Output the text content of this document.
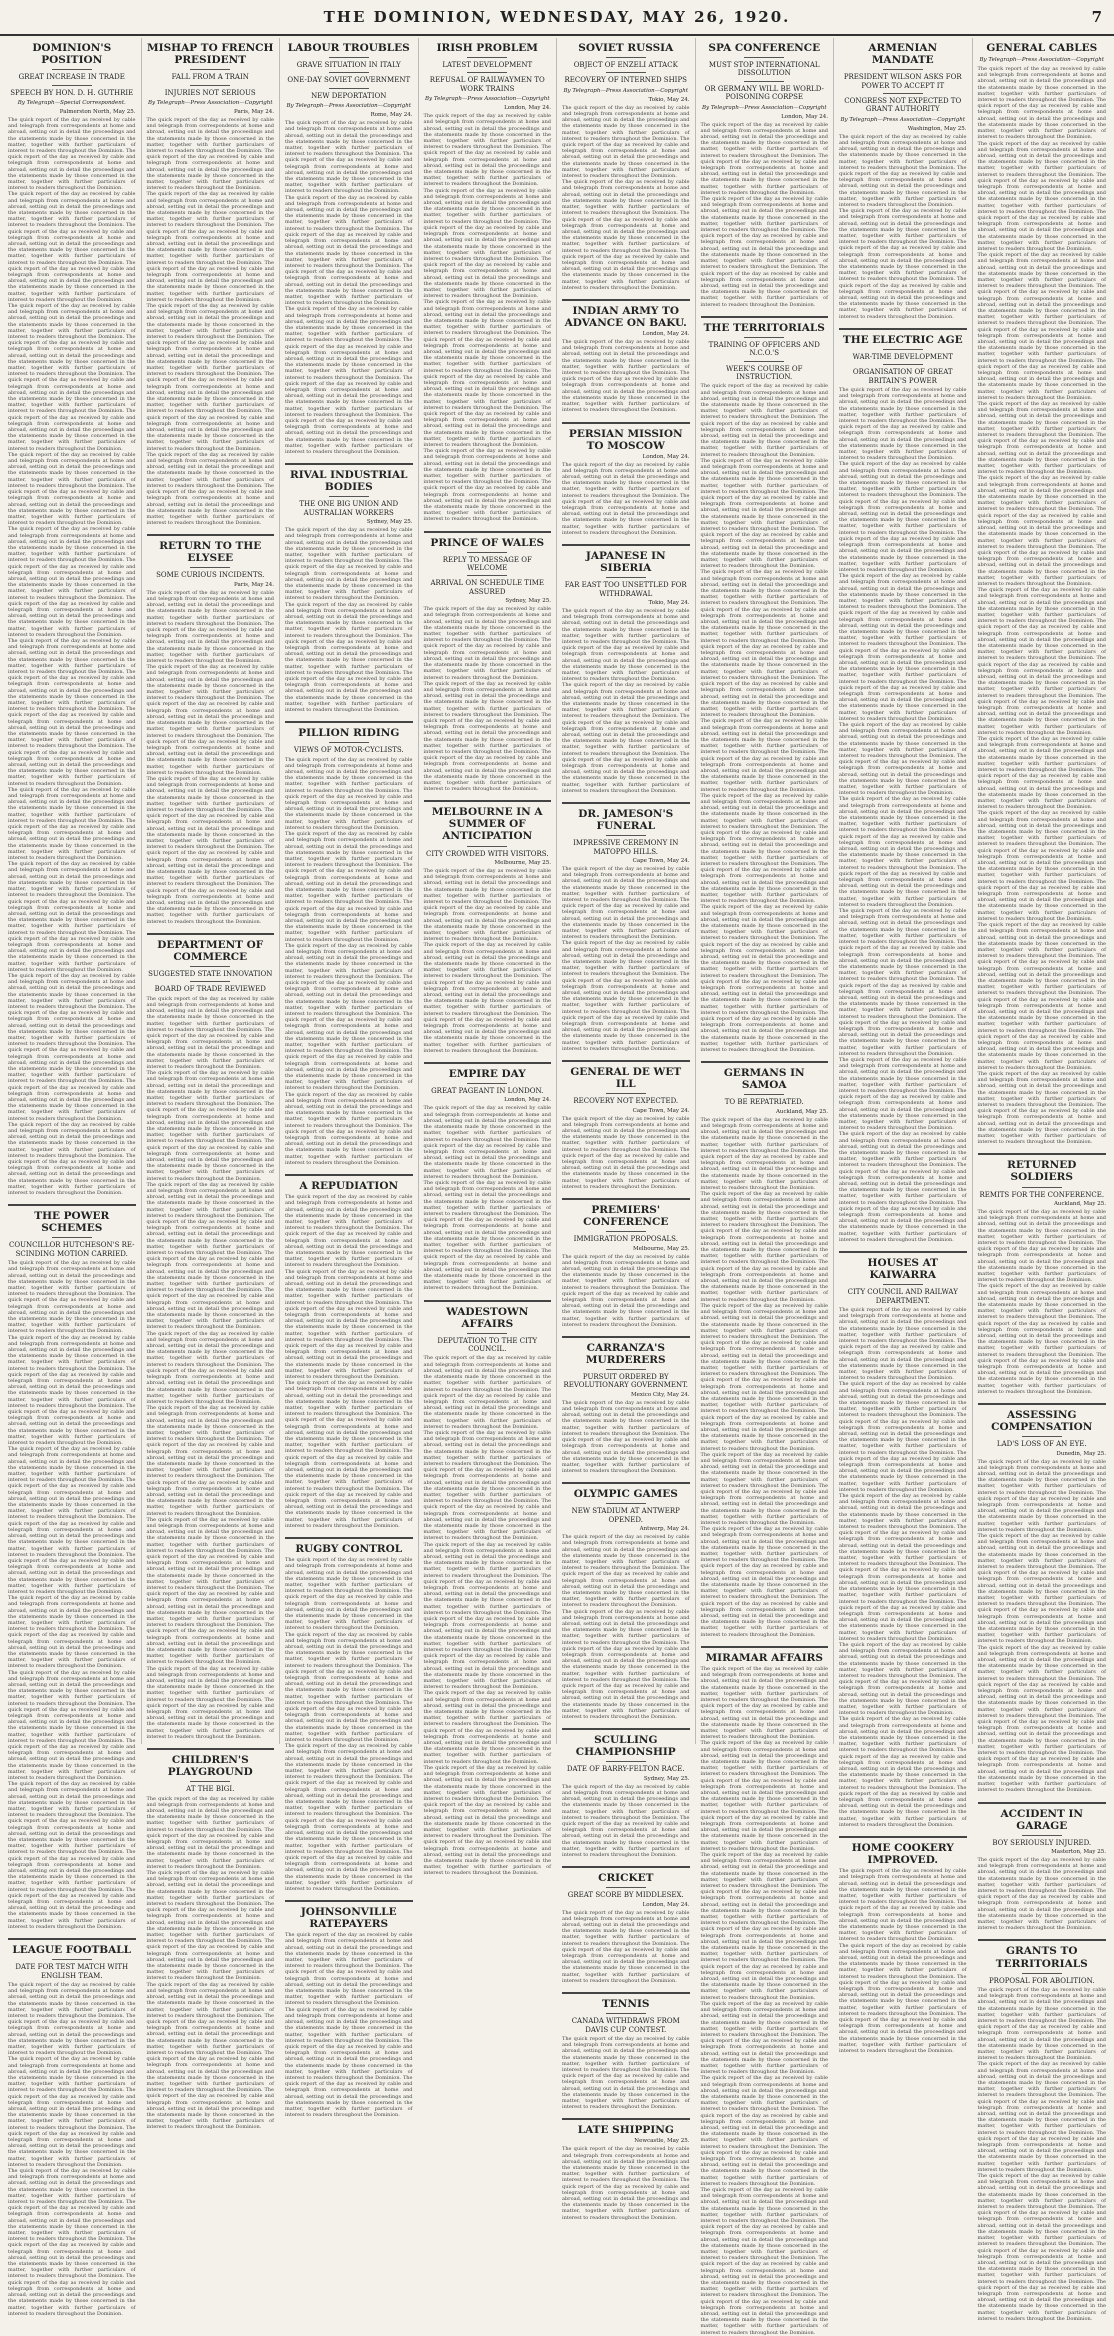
THE DOMINION, WEDNESDAY, MAY 26, 1920.	7
DOMINION'S POSITION
GREAT INCREASE IN TRADE
SPEECH BY HON. D. H. GUTHRIE
By Telegraph—Special Correspondent.
Palmerston North, May 25.

The quick report of the day as received by cable and telegraph from correspondents at home and abroad, setting out in detail the proceedings and the statements made by those concerned in the matter, together with further particulars of interest to readers throughout the Dominion. The quick report of the day as received by cable and telegraph from correspondents at home and abroad, setting out in detail the proceedings and the statements made by those concerned in the matter, together with further particulars of interest to readers throughout the Dominion.

The quick report of the day as received by cable and telegraph from correspondents at home and abroad, setting out in detail the proceedings and the statements made by those concerned in the matter, together with further particulars of interest to readers throughout the Dominion. The quick report of the day as received by cable and telegraph from correspondents at home and abroad, setting out in detail the proceedings and the statements made by those concerned in the matter, together with further particulars of interest to readers throughout the Dominion. The quick report of the day as received by cable and telegraph from correspondents at home and abroad, setting out in detail the proceedings and the statements made by those concerned in the matter, together with further particulars of interest to readers throughout the Dominion.

The quick report of the day as received by cable and telegraph from correspondents at home and abroad, setting out in detail the proceedings and the statements made by those concerned in the matter, together with further particulars of interest to readers throughout the Dominion. The quick report of the day as received by cable and telegraph from correspondents at home and abroad, setting out in detail the proceedings and the statements made by those concerned in the matter, together with further particulars of interest to readers throughout the Dominion. The quick report of the day as received by cable and telegraph from correspondents at home and abroad, setting out in detail the proceedings and the statements made by those concerned in the matter, together with further particulars of interest to readers throughout the Dominion. The quick report of the day as received by cable and telegraph from correspondents at home and abroad, setting out in detail the proceedings and the statements made by those concerned in the matter, together with further particulars of interest to readers throughout the Dominion.

The quick report of the day as received by cable and telegraph from correspondents at home and abroad, setting out in detail the proceedings and the statements made by those concerned in the matter, together with further particulars of interest to readers throughout the Dominion. The quick report of the day as received by cable and telegraph from correspondents at home and abroad, setting out in detail the proceedings and the statements made by those concerned in the matter, together with further particulars of interest to readers throughout the Dominion.

The quick report of the day as received by cable and telegraph from correspondents at home and abroad, setting out in detail the proceedings and the statements made by those concerned in the matter, together with further particulars of interest to readers throughout the Dominion. The quick report of the day as received by cable and telegraph from correspondents at home and abroad, setting out in detail the proceedings and the statements made by those concerned in the matter, together with further particulars of interest to readers throughout the Dominion. The quick report of the day as received by cable and telegraph from correspondents at home and abroad, setting out in detail the proceedings and the statements made by those concerned in the matter, together with further particulars of interest to readers throughout the Dominion.

The quick report of the day as received by cable and telegraph from correspondents at home and abroad, setting out in detail the proceedings and the statements made by those concerned in the matter, together with further particulars of interest to readers throughout the Dominion. The quick report of the day as received by cable and telegraph from correspondents at home and abroad, setting out in detail the proceedings and the statements made by those concerned in the matter, together with further particulars of interest to readers throughout the Dominion. The quick report of the day as received by cable and telegraph from correspondents at home and abroad, setting out in detail the proceedings and the statements made by those concerned in the matter, together with further particulars of interest to readers throughout the Dominion. The quick report of the day as received by cable and telegraph from correspondents at home and abroad, setting out in detail the proceedings and the statements made by those concerned in the matter, together with further particulars of interest to readers throughout the Dominion.

The quick report of the day as received by cable and telegraph from correspondents at home and abroad, setting out in detail the proceedings and the statements made by those concerned in the matter, together with further particulars of interest to readers throughout the Dominion. The quick report of the day as received by cable and telegraph from correspondents at home and abroad, setting out in detail the proceedings and the statements made by those concerned in the matter, together with further particulars of interest to readers throughout the Dominion.

The quick report of the day as received by cable and telegraph from correspondents at home and abroad, setting out in detail the proceedings and the statements made by those concerned in the matter, together with further particulars of interest to readers throughout the Dominion. The quick report of the day as received by cable and telegraph from correspondents at home and abroad, setting out in detail the proceedings and the statements made by those concerned in the matter, together with further particulars of interest to readers throughout the Dominion. The quick report of the day as received by cable and telegraph from correspondents at home and abroad, setting out in detail the proceedings and the statements made by those concerned in the matter, together with further particulars of interest to readers throughout the Dominion.

The quick report of the day as received by cable and telegraph from correspondents at home and abroad, setting out in detail the proceedings and the statements made by those concerned in the matter, together with further particulars of interest to readers throughout the Dominion. The quick report of the day as received by cable and telegraph from correspondents at home and abroad, setting out in detail the proceedings and the statements made by those concerned in the matter, together with further particulars of interest to readers throughout the Dominion. The quick report of the day as received by cable and telegraph from correspondents at home and abroad, setting out in detail the proceedings and the statements made by those concerned in the matter, together with further particulars of interest to readers throughout the Dominion. The quick report of the day as received by cable and telegraph from correspondents at home and abroad, setting out in detail the proceedings and the statements made by those concerned in the matter, together with further particulars of interest to readers throughout the Dominion.

The quick report of the day as received by cable and telegraph from correspondents at home and abroad, setting out in detail the proceedings and the statements made by those concerned in the matter, together with further particulars of interest to readers throughout the Dominion. The quick report of the day as received by cable and telegraph from correspondents at home and abroad, setting out in detail the proceedings and the statements made by those concerned in the matter, together with further particulars of interest to readers throughout the Dominion.

THE POWER SCHEMES
COUNCILLOR HUTCHESON'S RE-SCINDING MOTION CARRIED.

The quick report of the day as received by cable and telegraph from correspondents at home and abroad, setting out in detail the proceedings and the statements made by those concerned in the matter, together with further particulars of interest to readers throughout the Dominion. The quick report of the day as received by cable and telegraph from correspondents at home and abroad, setting out in detail the proceedings and the statements made by those concerned in the matter, together with further particulars of interest to readers throughout the Dominion.

The quick report of the day as received by cable and telegraph from correspondents at home and abroad, setting out in detail the proceedings and the statements made by those concerned in the matter, together with further particulars of interest to readers throughout the Dominion. The quick report of the day as received by cable and telegraph from correspondents at home and abroad, setting out in detail the proceedings and the statements made by those concerned in the matter, together with further particulars of interest to readers throughout the Dominion. The quick report of the day as received by cable and telegraph from correspondents at home and abroad, setting out in detail the proceedings and the statements made by those concerned in the matter, together with further particulars of interest to readers throughout the Dominion.

The quick report of the day as received by cable and telegraph from correspondents at home and abroad, setting out in detail the proceedings and the statements made by those concerned in the matter, together with further particulars of interest to readers throughout the Dominion. The quick report of the day as received by cable and telegraph from correspondents at home and abroad, setting out in detail the proceedings and the statements made by those concerned in the matter, together with further particulars of interest to readers throughout the Dominion. The quick report of the day as received by cable and telegraph from correspondents at home and abroad, setting out in detail the proceedings and the statements made by those concerned in the matter, together with further particulars of interest to readers throughout the Dominion. The quick report of the day as received by cable and telegraph from correspondents at home and abroad, setting out in detail the proceedings and the statements made by those concerned in the matter, together with further particulars of interest to readers throughout the Dominion.

The quick report of the day as received by cable and telegraph from correspondents at home and abroad, setting out in detail the proceedings and the statements made by those concerned in the matter, together with further particulars of interest to readers throughout the Dominion. The quick report of the day as received by cable and telegraph from correspondents at home and abroad, setting out in detail the proceedings and the statements made by those concerned in the matter, together with further particulars of interest to readers throughout the Dominion.

The quick report of the day as received by cable and telegraph from correspondents at home and abroad, setting out in detail the proceedings and the statements made by those concerned in the matter, together with further particulars of interest to readers throughout the Dominion. The quick report of the day as received by cable and telegraph from correspondents at home and abroad, setting out in detail the proceedings and the statements made by those concerned in the matter, together with further particulars of interest to readers throughout the Dominion. The quick report of the day as received by cable and telegraph from correspondents at home and abroad, setting out in detail the proceedings and the statements made by those concerned in the matter, together with further particulars of interest to readers throughout the Dominion.

The quick report of the day as received by cable and telegraph from correspondents at home and abroad, setting out in detail the proceedings and the statements made by those concerned in the matter, together with further particulars of interest to readers throughout the Dominion. The quick report of the day as received by cable and telegraph from correspondents at home and abroad, setting out in detail the proceedings and the statements made by those concerned in the matter, together with further particulars of interest to readers throughout the Dominion. The quick report of the day as received by cable and telegraph from correspondents at home and abroad, setting out in detail the proceedings and the statements made by those concerned in the matter, together with further particulars of interest to readers throughout the Dominion. The quick report of the day as received by cable and telegraph from correspondents at home and abroad, setting out in detail the proceedings and the statements made by those concerned in the matter, together with further particulars of interest to readers throughout the Dominion.

LEAGUE FOOTBALL
DATE FOR TEST MATCH WITH ENGLISH TEAM.

The quick report of the day as received by cable and telegraph from correspondents at home and abroad, setting out in detail the proceedings and the statements made by those concerned in the matter, together with further particulars of interest to readers throughout the Dominion. The quick report of the day as received by cable and telegraph from correspondents at home and abroad, setting out in detail the proceedings and the statements made by those concerned in the matter, together with further particulars of interest to readers throughout the Dominion.

The quick report of the day as received by cable and telegraph from correspondents at home and abroad, setting out in detail the proceedings and the statements made by those concerned in the matter, together with further particulars of interest to readers throughout the Dominion. The quick report of the day as received by cable and telegraph from correspondents at home and abroad, setting out in detail the proceedings and the statements made by those concerned in the matter, together with further particulars of interest to readers throughout the Dominion. The quick report of the day as received by cable and telegraph from correspondents at home and abroad, setting out in detail the proceedings and the statements made by those concerned in the matter, together with further particulars of interest to readers throughout the Dominion.

The quick report of the day as received by cable and telegraph from correspondents at home and abroad, setting out in detail the proceedings and the statements made by those concerned in the matter, together with further particulars of interest to readers throughout the Dominion. The quick report of the day as received by cable and telegraph from correspondents at home and abroad, setting out in detail the proceedings and the statements made by those concerned in the matter, together with further particulars of interest to readers throughout the Dominion. The quick report of the day as received by cable and telegraph from correspondents at home and abroad, setting out in detail the proceedings and the statements made by those concerned in the matter, together with further particulars of interest to readers throughout the Dominion. The quick report of the day as received by cable and telegraph from correspondents at home and abroad, setting out in detail the proceedings and the statements made by those concerned in the matter, together with further particulars of interest to readers throughout the Dominion.

MISHAP TO FRENCH PRESIDENT
FALL FROM A TRAIN
INJURIES NOT SERIOUS
By Telegraph—Press Association—Copyright
Paris, May 24.

The quick report of the day as received by cable and telegraph from correspondents at home and abroad, setting out in detail the proceedings and the statements made by those concerned in the matter, together with further particulars of interest to readers throughout the Dominion. The quick report of the day as received by cable and telegraph from correspondents at home and abroad, setting out in detail the proceedings and the statements made by those concerned in the matter, together with further particulars of interest to readers throughout the Dominion.

The quick report of the day as received by cable and telegraph from correspondents at home and abroad, setting out in detail the proceedings and the statements made by those concerned in the matter, together with further particulars of interest to readers throughout the Dominion. The quick report of the day as received by cable and telegraph from correspondents at home and abroad, setting out in detail the proceedings and the statements made by those concerned in the matter, together with further particulars of interest to readers throughout the Dominion. The quick report of the day as received by cable and telegraph from correspondents at home and abroad, setting out in detail the proceedings and the statements made by those concerned in the matter, together with further particulars of interest to readers throughout the Dominion.

The quick report of the day as received by cable and telegraph from correspondents at home and abroad, setting out in detail the proceedings and the statements made by those concerned in the matter, together with further particulars of interest to readers throughout the Dominion. The quick report of the day as received by cable and telegraph from correspondents at home and abroad, setting out in detail the proceedings and the statements made by those concerned in the matter, together with further particulars of interest to readers throughout the Dominion. The quick report of the day as received by cable and telegraph from correspondents at home and abroad, setting out in detail the proceedings and the statements made by those concerned in the matter, together with further particulars of interest to readers throughout the Dominion. The quick report of the day as received by cable and telegraph from correspondents at home and abroad, setting out in detail the proceedings and the statements made by those concerned in the matter, together with further particulars of interest to readers throughout the Dominion.

The quick report of the day as received by cable and telegraph from correspondents at home and abroad, setting out in detail the proceedings and the statements made by those concerned in the matter, together with further particulars of interest to readers throughout the Dominion. The quick report of the day as received by cable and telegraph from correspondents at home and abroad, setting out in detail the proceedings and the statements made by those concerned in the matter, together with further particulars of interest to readers throughout the Dominion.

RETURN TO THE ELYSEE
SOME CURIOUS INCIDENTS.
Paris, May 24.

The quick report of the day as received by cable and telegraph from correspondents at home and abroad, setting out in detail the proceedings and the statements made by those concerned in the matter, together with further particulars of interest to readers throughout the Dominion. The quick report of the day as received by cable and telegraph from correspondents at home and abroad, setting out in detail the proceedings and the statements made by those concerned in the matter, together with further particulars of interest to readers throughout the Dominion.

The quick report of the day as received by cable and telegraph from correspondents at home and abroad, setting out in detail the proceedings and the statements made by those concerned in the matter, together with further particulars of interest to readers throughout the Dominion. The quick report of the day as received by cable and telegraph from correspondents at home and abroad, setting out in detail the proceedings and the statements made by those concerned in the matter, together with further particulars of interest to readers throughout the Dominion. The quick report of the day as received by cable and telegraph from correspondents at home and abroad, setting out in detail the proceedings and the statements made by those concerned in the matter, together with further particulars of interest to readers throughout the Dominion.

The quick report of the day as received by cable and telegraph from correspondents at home and abroad, setting out in detail the proceedings and the statements made by those concerned in the matter, together with further particulars of interest to readers throughout the Dominion. The quick report of the day as received by cable and telegraph from correspondents at home and abroad, setting out in detail the proceedings and the statements made by those concerned in the matter, together with further particulars of interest to readers throughout the Dominion. The quick report of the day as received by cable and telegraph from correspondents at home and abroad, setting out in detail the proceedings and the statements made by those concerned in the matter, together with further particulars of interest to readers throughout the Dominion. The quick report of the day as received by cable and telegraph from correspondents at home and abroad, setting out in detail the proceedings and the statements made by those concerned in the matter, together with further particulars of interest to readers throughout the Dominion.

DEPARTMENT OF COMMERCE
SUGGESTED STATE INNOVATION
BOARD OF TRADE REVIEWED

The quick report of the day as received by cable and telegraph from correspondents at home and abroad, setting out in detail the proceedings and the statements made by those concerned in the matter, together with further particulars of interest to readers throughout the Dominion. The quick report of the day as received by cable and telegraph from correspondents at home and abroad, setting out in detail the proceedings and the statements made by those concerned in the matter, together with further particulars of interest to readers throughout the Dominion.

The quick report of the day as received by cable and telegraph from correspondents at home and abroad, setting out in detail the proceedings and the statements made by those concerned in the matter, together with further particulars of interest to readers throughout the Dominion. The quick report of the day as received by cable and telegraph from correspondents at home and abroad, setting out in detail the proceedings and the statements made by those concerned in the matter, together with further particulars of interest to readers throughout the Dominion. The quick report of the day as received by cable and telegraph from correspondents at home and abroad, setting out in detail the proceedings and the statements made by those concerned in the matter, together with further particulars of interest to readers throughout the Dominion.

The quick report of the day as received by cable and telegraph from correspondents at home and abroad, setting out in detail the proceedings and the statements made by those concerned in the matter, together with further particulars of interest to readers throughout the Dominion. The quick report of the day as received by cable and telegraph from correspondents at home and abroad, setting out in detail the proceedings and the statements made by those concerned in the matter, together with further particulars of interest to readers throughout the Dominion. The quick report of the day as received by cable and telegraph from correspondents at home and abroad, setting out in detail the proceedings and the statements made by those concerned in the matter, together with further particulars of interest to readers throughout the Dominion. The quick report of the day as received by cable and telegraph from correspondents at home and abroad, setting out in detail the proceedings and the statements made by those concerned in the matter, together with further particulars of interest to readers throughout the Dominion.

The quick report of the day as received by cable and telegraph from correspondents at home and abroad, setting out in detail the proceedings and the statements made by those concerned in the matter, together with further particulars of interest to readers throughout the Dominion. The quick report of the day as received by cable and telegraph from correspondents at home and abroad, setting out in detail the proceedings and the statements made by those concerned in the matter, together with further particulars of interest to readers throughout the Dominion.

The quick report of the day as received by cable and telegraph from correspondents at home and abroad, setting out in detail the proceedings and the statements made by those concerned in the matter, together with further particulars of interest to readers throughout the Dominion. The quick report of the day as received by cable and telegraph from correspondents at home and abroad, setting out in detail the proceedings and the statements made by those concerned in the matter, together with further particulars of interest to readers throughout the Dominion. The quick report of the day as received by cable and telegraph from correspondents at home and abroad, setting out in detail the proceedings and the statements made by those concerned in the matter, together with further particulars of interest to readers throughout the Dominion.

The quick report of the day as received by cable and telegraph from correspondents at home and abroad, setting out in detail the proceedings and the statements made by those concerned in the matter, together with further particulars of interest to readers throughout the Dominion. The quick report of the day as received by cable and telegraph from correspondents at home and abroad, setting out in detail the proceedings and the statements made by those concerned in the matter, together with further particulars of interest to readers throughout the Dominion. The quick report of the day as received by cable and telegraph from correspondents at home and abroad, setting out in detail the proceedings and the statements made by those concerned in the matter, together with further particulars of interest to readers throughout the Dominion. The quick report of the day as received by cable and telegraph from correspondents at home and abroad, setting out in detail the proceedings and the statements made by those concerned in the matter, together with further particulars of interest to readers throughout the Dominion.

The quick report of the day as received by cable and telegraph from correspondents at home and abroad, setting out in detail the proceedings and the statements made by those concerned in the matter, together with further particulars of interest to readers throughout the Dominion. The quick report of the day as received by cable and telegraph from correspondents at home and abroad, setting out in detail the proceedings and the statements made by those concerned in the matter, together with further particulars of interest to readers throughout the Dominion.

CHILDREN'S PLAYGROUND
AT THE BIGI.

The quick report of the day as received by cable and telegraph from correspondents at home and abroad, setting out in detail the proceedings and the statements made by those concerned in the matter, together with further particulars of interest to readers throughout the Dominion. The quick report of the day as received by cable and telegraph from correspondents at home and abroad, setting out in detail the proceedings and the statements made by those concerned in the matter, together with further particulars of interest to readers throughout the Dominion.

The quick report of the day as received by cable and telegraph from correspondents at home and abroad, setting out in detail the proceedings and the statements made by those concerned in the matter, together with further particulars of interest to readers throughout the Dominion. The quick report of the day as received by cable and telegraph from correspondents at home and abroad, setting out in detail the proceedings and the statements made by those concerned in the matter, together with further particulars of interest to readers throughout the Dominion. The quick report of the day as received by cable and telegraph from correspondents at home and abroad, setting out in detail the proceedings and the statements made by those concerned in the matter, together with further particulars of interest to readers throughout the Dominion.

The quick report of the day as received by cable and telegraph from correspondents at home and abroad, setting out in detail the proceedings and the statements made by those concerned in the matter, together with further particulars of interest to readers throughout the Dominion. The quick report of the day as received by cable and telegraph from correspondents at home and abroad, setting out in detail the proceedings and the statements made by those concerned in the matter, together with further particulars of interest to readers throughout the Dominion. The quick report of the day as received by cable and telegraph from correspondents at home and abroad, setting out in detail the proceedings and the statements made by those concerned in the matter, together with further particulars of interest to readers throughout the Dominion. The quick report of the day as received by cable and telegraph from correspondents at home and abroad, setting out in detail the proceedings and the statements made by those concerned in the matter, together with further particulars of interest to readers throughout the Dominion.

LABOUR TROUBLES
GRAVE SITUATION IN ITALY
ONE-DAY SOVIET GOVERNMENT
NEW DEPORTATION
By Telegraph—Press Association—Copyright
Rome, May 24.

The quick report of the day as received by cable and telegraph from correspondents at home and abroad, setting out in detail the proceedings and the statements made by those concerned in the matter, together with further particulars of interest to readers throughout the Dominion. The quick report of the day as received by cable and telegraph from correspondents at home and abroad, setting out in detail the proceedings and the statements made by those concerned in the matter, together with further particulars of interest to readers throughout the Dominion.

The quick report of the day as received by cable and telegraph from correspondents at home and abroad, setting out in detail the proceedings and the statements made by those concerned in the matter, together with further particulars of interest to readers throughout the Dominion. The quick report of the day as received by cable and telegraph from correspondents at home and abroad, setting out in detail the proceedings and the statements made by those concerned in the matter, together with further particulars of interest to readers throughout the Dominion. The quick report of the day as received by cable and telegraph from correspondents at home and abroad, setting out in detail the proceedings and the statements made by those concerned in the matter, together with further particulars of interest to readers throughout the Dominion.

The quick report of the day as received by cable and telegraph from correspondents at home and abroad, setting out in detail the proceedings and the statements made by those concerned in the matter, together with further particulars of interest to readers throughout the Dominion. The quick report of the day as received by cable and telegraph from correspondents at home and abroad, setting out in detail the proceedings and the statements made by those concerned in the matter, together with further particulars of interest to readers throughout the Dominion. The quick report of the day as received by cable and telegraph from correspondents at home and abroad, setting out in detail the proceedings and the statements made by those concerned in the matter, together with further particulars of interest to readers throughout the Dominion. The quick report of the day as received by cable and telegraph from correspondents at home and abroad, setting out in detail the proceedings and the statements made by those concerned in the matter, together with further particulars of interest to readers throughout the Dominion.

RIVAL INDUSTRIAL BODIES
THE ONE BIG UNION AND AUSTRALIAN WORKERS
Sydney, May 25.

The quick report of the day as received by cable and telegraph from correspondents at home and abroad, setting out in detail the proceedings and the statements made by those concerned in the matter, together with further particulars of interest to readers throughout the Dominion. The quick report of the day as received by cable and telegraph from correspondents at home and abroad, setting out in detail the proceedings and the statements made by those concerned in the matter, together with further particulars of interest to readers throughout the Dominion.

The quick report of the day as received by cable and telegraph from correspondents at home and abroad, setting out in detail the proceedings and the statements made by those concerned in the matter, together with further particulars of interest to readers throughout the Dominion. The quick report of the day as received by cable and telegraph from correspondents at home and abroad, setting out in detail the proceedings and the statements made by those concerned in the matter, together with further particulars of interest to readers throughout the Dominion. The quick report of the day as received by cable and telegraph from correspondents at home and abroad, setting out in detail the proceedings and the statements made by those concerned in the matter, together with further particulars of interest to readers throughout the Dominion.

PILLION RIDING
VIEWS OF MOTOR-CYCLISTS.

The quick report of the day as received by cable and telegraph from correspondents at home and abroad, setting out in detail the proceedings and the statements made by those concerned in the matter, together with further particulars of interest to readers throughout the Dominion. The quick report of the day as received by cable and telegraph from correspondents at home and abroad, setting out in detail the proceedings and the statements made by those concerned in the matter, together with further particulars of interest to readers throughout the Dominion.

The quick report of the day as received by cable and telegraph from correspondents at home and abroad, setting out in detail the proceedings and the statements made by those concerned in the matter, together with further particulars of interest to readers throughout the Dominion. The quick report of the day as received by cable and telegraph from correspondents at home and abroad, setting out in detail the proceedings and the statements made by those concerned in the matter, together with further particulars of interest to readers throughout the Dominion. The quick report of the day as received by cable and telegraph from correspondents at home and abroad, setting out in detail the proceedings and the statements made by those concerned in the matter, together with further particulars of interest to readers throughout the Dominion.

The quick report of the day as received by cable and telegraph from correspondents at home and abroad, setting out in detail the proceedings and the statements made by those concerned in the matter, together with further particulars of interest to readers throughout the Dominion. The quick report of the day as received by cable and telegraph from correspondents at home and abroad, setting out in detail the proceedings and the statements made by those concerned in the matter, together with further particulars of interest to readers throughout the Dominion. The quick report of the day as received by cable and telegraph from correspondents at home and abroad, setting out in detail the proceedings and the statements made by those concerned in the matter, together with further particulars of interest to readers throughout the Dominion. The quick report of the day as received by cable and telegraph from correspondents at home and abroad, setting out in detail the proceedings and the statements made by those concerned in the matter, together with further particulars of interest to readers throughout the Dominion.

The quick report of the day as received by cable and telegraph from correspondents at home and abroad, setting out in detail the proceedings and the statements made by those concerned in the matter, together with further particulars of interest to readers throughout the Dominion. The quick report of the day as received by cable and telegraph from correspondents at home and abroad, setting out in detail the proceedings and the statements made by those concerned in the matter, together with further particulars of interest to readers throughout the Dominion.

A REPUDIATION

The quick report of the day as received by cable and telegraph from correspondents at home and abroad, setting out in detail the proceedings and the statements made by those concerned in the matter, together with further particulars of interest to readers throughout the Dominion. The quick report of the day as received by cable and telegraph from correspondents at home and abroad, setting out in detail the proceedings and the statements made by those concerned in the matter, together with further particulars of interest to readers throughout the Dominion.

The quick report of the day as received by cable and telegraph from correspondents at home and abroad, setting out in detail the proceedings and the statements made by those concerned in the matter, together with further particulars of interest to readers throughout the Dominion. The quick report of the day as received by cable and telegraph from correspondents at home and abroad, setting out in detail the proceedings and the statements made by those concerned in the matter, together with further particulars of interest to readers throughout the Dominion. The quick report of the day as received by cable and telegraph from correspondents at home and abroad, setting out in detail the proceedings and the statements made by those concerned in the matter, together with further particulars of interest to readers throughout the Dominion.

The quick report of the day as received by cable and telegraph from correspondents at home and abroad, setting out in detail the proceedings and the statements made by those concerned in the matter, together with further particulars of interest to readers throughout the Dominion. The quick report of the day as received by cable and telegraph from correspondents at home and abroad, setting out in detail the proceedings and the statements made by those concerned in the matter, together with further particulars of interest to readers throughout the Dominion. The quick report of the day as received by cable and telegraph from correspondents at home and abroad, setting out in detail the proceedings and the statements made by those concerned in the matter, together with further particulars of interest to readers throughout the Dominion. The quick report of the day as received by cable and telegraph from correspondents at home and abroad, setting out in detail the proceedings and the statements made by those concerned in the matter, together with further particulars of interest to readers throughout the Dominion.

RUGBY CONTROL

The quick report of the day as received by cable and telegraph from correspondents at home and abroad, setting out in detail the proceedings and the statements made by those concerned in the matter, together with further particulars of interest to readers throughout the Dominion. The quick report of the day as received by cable and telegraph from correspondents at home and abroad, setting out in detail the proceedings and the statements made by those concerned in the matter, together with further particulars of interest to readers throughout the Dominion.

The quick report of the day as received by cable and telegraph from correspondents at home and abroad, setting out in detail the proceedings and the statements made by those concerned in the matter, together with further particulars of interest to readers throughout the Dominion. The quick report of the day as received by cable and telegraph from correspondents at home and abroad, setting out in detail the proceedings and the statements made by those concerned in the matter, together with further particulars of interest to readers throughout the Dominion. The quick report of the day as received by cable and telegraph from correspondents at home and abroad, setting out in detail the proceedings and the statements made by those concerned in the matter, together with further particulars of interest to readers throughout the Dominion.

The quick report of the day as received by cable and telegraph from correspondents at home and abroad, setting out in detail the proceedings and the statements made by those concerned in the matter, together with further particulars of interest to readers throughout the Dominion. The quick report of the day as received by cable and telegraph from correspondents at home and abroad, setting out in detail the proceedings and the statements made by those concerned in the matter, together with further particulars of interest to readers throughout the Dominion. The quick report of the day as received by cable and telegraph from correspondents at home and abroad, setting out in detail the proceedings and the statements made by those concerned in the matter, together with further particulars of interest to readers throughout the Dominion. The quick report of the day as received by cable and telegraph from correspondents at home and abroad, setting out in detail the proceedings and the statements made by those concerned in the matter, together with further particulars of interest to readers throughout the Dominion.

JOHNSONVILLE RATEPAYERS

The quick report of the day as received by cable and telegraph from correspondents at home and abroad, setting out in detail the proceedings and the statements made by those concerned in the matter, together with further particulars of interest to readers throughout the Dominion. The quick report of the day as received by cable and telegraph from correspondents at home and abroad, setting out in detail the proceedings and the statements made by those concerned in the matter, together with further particulars of interest to readers throughout the Dominion.

The quick report of the day as received by cable and telegraph from correspondents at home and abroad, setting out in detail the proceedings and the statements made by those concerned in the matter, together with further particulars of interest to readers throughout the Dominion. The quick report of the day as received by cable and telegraph from correspondents at home and abroad, setting out in detail the proceedings and the statements made by those concerned in the matter, together with further particulars of interest to readers throughout the Dominion. The quick report of the day as received by cable and telegraph from correspondents at home and abroad, setting out in detail the proceedings and the statements made by those concerned in the matter, together with further particulars of interest to readers throughout the Dominion.

IRISH PROBLEM
LATEST DEVELOPMENT
REFUSAL OF RAILWAYMEN TO WORK TRAINS
By Telegraph—Press Association—Copyright
London, May 24.

The quick report of the day as received by cable and telegraph from correspondents at home and abroad, setting out in detail the proceedings and the statements made by those concerned in the matter, together with further particulars of interest to readers throughout the Dominion. The quick report of the day as received by cable and telegraph from correspondents at home and abroad, setting out in detail the proceedings and the statements made by those concerned in the matter, together with further particulars of interest to readers throughout the Dominion.

The quick report of the day as received by cable and telegraph from correspondents at home and abroad, setting out in detail the proceedings and the statements made by those concerned in the matter, together with further particulars of interest to readers throughout the Dominion. The quick report of the day as received by cable and telegraph from correspondents at home and abroad, setting out in detail the proceedings and the statements made by those concerned in the matter, together with further particulars of interest to readers throughout the Dominion. The quick report of the day as received by cable and telegraph from correspondents at home and abroad, setting out in detail the proceedings and the statements made by those concerned in the matter, together with further particulars of interest to readers throughout the Dominion.

The quick report of the day as received by cable and telegraph from correspondents at home and abroad, setting out in detail the proceedings and the statements made by those concerned in the matter, together with further particulars of interest to readers throughout the Dominion. The quick report of the day as received by cable and telegraph from correspondents at home and abroad, setting out in detail the proceedings and the statements made by those concerned in the matter, together with further particulars of interest to readers throughout the Dominion. The quick report of the day as received by cable and telegraph from correspondents at home and abroad, setting out in detail the proceedings and the statements made by those concerned in the matter, together with further particulars of interest to readers throughout the Dominion. The quick report of the day as received by cable and telegraph from correspondents at home and abroad, setting out in detail the proceedings and the statements made by those concerned in the matter, together with further particulars of interest to readers throughout the Dominion.

The quick report of the day as received by cable and telegraph from correspondents at home and abroad, setting out in detail the proceedings and the statements made by those concerned in the matter, together with further particulars of interest to readers throughout the Dominion. The quick report of the day as received by cable and telegraph from correspondents at home and abroad, setting out in detail the proceedings and the statements made by those concerned in the matter, together with further particulars of interest to readers throughout the Dominion.

PRINCE OF WALES
REPLY TO MESSAGE OF WELCOME
ARRIVAL ON SCHEDULE TIME ASSURED
Sydney, May 25.

The quick report of the day as received by cable and telegraph from correspondents at home and abroad, setting out in detail the proceedings and the statements made by those concerned in the matter, together with further particulars of interest to readers throughout the Dominion. The quick report of the day as received by cable and telegraph from correspondents at home and abroad, setting out in detail the proceedings and the statements made by those concerned in the matter, together with further particulars of interest to readers throughout the Dominion.

The quick report of the day as received by cable and telegraph from correspondents at home and abroad, setting out in detail the proceedings and the statements made by those concerned in the matter, together with further particulars of interest to readers throughout the Dominion. The quick report of the day as received by cable and telegraph from correspondents at home and abroad, setting out in detail the proceedings and the statements made by those concerned in the matter, together with further particulars of interest to readers throughout the Dominion. The quick report of the day as received by cable and telegraph from correspondents at home and abroad, setting out in detail the proceedings and the statements made by those concerned in the matter, together with further particulars of interest to readers throughout the Dominion.

MELBOURNE IN A SUMMER OF ANTICIPATION
CITY CROWDED WITH VISITORS.
Melbourne, May 25.

The quick report of the day as received by cable and telegraph from correspondents at home and abroad, setting out in detail the proceedings and the statements made by those concerned in the matter, together with further particulars of interest to readers throughout the Dominion. The quick report of the day as received by cable and telegraph from correspondents at home and abroad, setting out in detail the proceedings and the statements made by those concerned in the matter, together with further particulars of interest to readers throughout the Dominion.

The quick report of the day as received by cable and telegraph from correspondents at home and abroad, setting out in detail the proceedings and the statements made by those concerned in the matter, together with further particulars of interest to readers throughout the Dominion. The quick report of the day as received by cable and telegraph from correspondents at home and abroad, setting out in detail the proceedings and the statements made by those concerned in the matter, together with further particulars of interest to readers throughout the Dominion. The quick report of the day as received by cable and telegraph from correspondents at home and abroad, setting out in detail the proceedings and the statements made by those concerned in the matter, together with further particulars of interest to readers throughout the Dominion.

EMPIRE DAY
GREAT PAGEANT IN LONDON.
London, May 24.

The quick report of the day as received by cable and telegraph from correspondents at home and abroad, setting out in detail the proceedings and the statements made by those concerned in the matter, together with further particulars of interest to readers throughout the Dominion. The quick report of the day as received by cable and telegraph from correspondents at home and abroad, setting out in detail the proceedings and the statements made by those concerned in the matter, together with further particulars of interest to readers throughout the Dominion.

The quick report of the day as received by cable and telegraph from correspondents at home and abroad, setting out in detail the proceedings and the statements made by those concerned in the matter, together with further particulars of interest to readers throughout the Dominion. The quick report of the day as received by cable and telegraph from correspondents at home and abroad, setting out in detail the proceedings and the statements made by those concerned in the matter, together with further particulars of interest to readers throughout the Dominion. The quick report of the day as received by cable and telegraph from correspondents at home and abroad, setting out in detail the proceedings and the statements made by those concerned in the matter, together with further particulars of interest to readers throughout the Dominion.

WADESTOWN AFFAIRS
DEPUTATION TO THE CITY COUNCIL.

The quick report of the day as received by cable and telegraph from correspondents at home and abroad, setting out in detail the proceedings and the statements made by those concerned in the matter, together with further particulars of interest to readers throughout the Dominion. The quick report of the day as received by cable and telegraph from correspondents at home and abroad, setting out in detail the proceedings and the statements made by those concerned in the matter, together with further particulars of interest to readers throughout the Dominion.

The quick report of the day as received by cable and telegraph from correspondents at home and abroad, setting out in detail the proceedings and the statements made by those concerned in the matter, together with further particulars of interest to readers throughout the Dominion. The quick report of the day as received by cable and telegraph from correspondents at home and abroad, setting out in detail the proceedings and the statements made by those concerned in the matter, together with further particulars of interest to readers throughout the Dominion. The quick report of the day as received by cable and telegraph from correspondents at home and abroad, setting out in detail the proceedings and the statements made by those concerned in the matter, together with further particulars of interest to readers throughout the Dominion.

The quick report of the day as received by cable and telegraph from correspondents at home and abroad, setting out in detail the proceedings and the statements made by those concerned in the matter, together with further particulars of interest to readers throughout the Dominion. The quick report of the day as received by cable and telegraph from correspondents at home and abroad, setting out in detail the proceedings and the statements made by those concerned in the matter, together with further particulars of interest to readers throughout the Dominion. The quick report of the day as received by cable and telegraph from correspondents at home and abroad, setting out in detail the proceedings and the statements made by those concerned in the matter, together with further particulars of interest to readers throughout the Dominion. The quick report of the day as received by cable and telegraph from correspondents at home and abroad, setting out in detail the proceedings and the statements made by those concerned in the matter, together with further particulars of interest to readers throughout the Dominion.

The quick report of the day as received by cable and telegraph from correspondents at home and abroad, setting out in detail the proceedings and the statements made by those concerned in the matter, together with further particulars of interest to readers throughout the Dominion. The quick report of the day as received by cable and telegraph from correspondents at home and abroad, setting out in detail the proceedings and the statements made by those concerned in the matter, together with further particulars of interest to readers throughout the Dominion.

The quick report of the day as received by cable and telegraph from correspondents at home and abroad, setting out in detail the proceedings and the statements made by those concerned in the matter, together with further particulars of interest to readers throughout the Dominion. The quick report of the day as received by cable and telegraph from correspondents at home and abroad, setting out in detail the proceedings and the statements made by those concerned in the matter, together with further particulars of interest to readers throughout the Dominion. The quick report of the day as received by cable and telegraph from correspondents at home and abroad, setting out in detail the proceedings and the statements made by those concerned in the matter, together with further particulars of interest to readers throughout the Dominion.

SOVIET RUSSIA
OBJECT OF ENZELI ATTACK
RECOVERY OF INTERNED SHIPS
By Telegraph—Press Association—Copyright
Tokio, May 24.

The quick report of the day as received by cable and telegraph from correspondents at home and abroad, setting out in detail the proceedings and the statements made by those concerned in the matter, together with further particulars of interest to readers throughout the Dominion. The quick report of the day as received by cable and telegraph from correspondents at home and abroad, setting out in detail the proceedings and the statements made by those concerned in the matter, together with further particulars of interest to readers throughout the Dominion.

The quick report of the day as received by cable and telegraph from correspondents at home and abroad, setting out in detail the proceedings and the statements made by those concerned in the matter, together with further particulars of interest to readers throughout the Dominion. The quick report of the day as received by cable and telegraph from correspondents at home and abroad, setting out in detail the proceedings and the statements made by those concerned in the matter, together with further particulars of interest to readers throughout the Dominion. The quick report of the day as received by cable and telegraph from correspondents at home and abroad, setting out in detail the proceedings and the statements made by those concerned in the matter, together with further particulars of interest to readers throughout the Dominion.

INDIAN ARMY TO ADVANCE ON BAKU.
London, May 24.

The quick report of the day as received by cable and telegraph from correspondents at home and abroad, setting out in detail the proceedings and the statements made by those concerned in the matter, together with further particulars of interest to readers throughout the Dominion. The quick report of the day as received by cable and telegraph from correspondents at home and abroad, setting out in detail the proceedings and the statements made by those concerned in the matter, together with further particulars of interest to readers throughout the Dominion.

PERSIAN MISSION TO MOSCOW
London, May 24.

The quick report of the day as received by cable and telegraph from correspondents at home and abroad, setting out in detail the proceedings and the statements made by those concerned in the matter, together with further particulars of interest to readers throughout the Dominion. The quick report of the day as received by cable and telegraph from correspondents at home and abroad, setting out in detail the proceedings and the statements made by those concerned in the matter, together with further particulars of interest to readers throughout the Dominion.

JAPANESE IN SIBERIA
FAR EAST TOO UNSETTLED FOR WITHDRAWAL
Tokio, May 24.

The quick report of the day as received by cable and telegraph from correspondents at home and abroad, setting out in detail the proceedings and the statements made by those concerned in the matter, together with further particulars of interest to readers throughout the Dominion. The quick report of the day as received by cable and telegraph from correspondents at home and abroad, setting out in detail the proceedings and the statements made by those concerned in the matter, together with further particulars of interest to readers throughout the Dominion.

The quick report of the day as received by cable and telegraph from correspondents at home and abroad, setting out in detail the proceedings and the statements made by those concerned in the matter, together with further particulars of interest to readers throughout the Dominion. The quick report of the day as received by cable and telegraph from correspondents at home and abroad, setting out in detail the proceedings and the statements made by those concerned in the matter, together with further particulars of interest to readers throughout the Dominion. The quick report of the day as received by cable and telegraph from correspondents at home and abroad, setting out in detail the proceedings and the statements made by those concerned in the matter, together with further particulars of interest to readers throughout the Dominion.

DR. JAMESON'S FUNERAL
IMPRESSIVE CEREMONY IN MATOPPO HILLS.
Cape Town, May 24.

The quick report of the day as received by cable and telegraph from correspondents at home and abroad, setting out in detail the proceedings and the statements made by those concerned in the matter, together with further particulars of interest to readers throughout the Dominion. The quick report of the day as received by cable and telegraph from correspondents at home and abroad, setting out in detail the proceedings and the statements made by those concerned in the matter, together with further particulars of interest to readers throughout the Dominion.

The quick report of the day as received by cable and telegraph from correspondents at home and abroad, setting out in detail the proceedings and the statements made by those concerned in the matter, together with further particulars of interest to readers throughout the Dominion. The quick report of the day as received by cable and telegraph from correspondents at home and abroad, setting out in detail the proceedings and the statements made by those concerned in the matter, together with further particulars of interest to readers throughout the Dominion. The quick report of the day as received by cable and telegraph from correspondents at home and abroad, setting out in detail the proceedings and the statements made by those concerned in the matter, together with further particulars of interest to readers throughout the Dominion.

GENERAL DE WET ILL
RECOVERY NOT EXPECTED.
Cape Town, May 24.

The quick report of the day as received by cable and telegraph from correspondents at home and abroad, setting out in detail the proceedings and the statements made by those concerned in the matter, together with further particulars of interest to readers throughout the Dominion. The quick report of the day as received by cable and telegraph from correspondents at home and abroad, setting out in detail the proceedings and the statements made by those concerned in the matter, together with further particulars of interest to readers throughout the Dominion.

PREMIERS' CONFERENCE
IMMIGRATION PROPOSALS.
Melbourne, May 25.

The quick report of the day as received by cable and telegraph from correspondents at home and abroad, setting out in detail the proceedings and the statements made by those concerned in the matter, together with further particulars of interest to readers throughout the Dominion. The quick report of the day as received by cable and telegraph from correspondents at home and abroad, setting out in detail the proceedings and the statements made by those concerned in the matter, together with further particulars of interest to readers throughout the Dominion.

CARRANZA'S MURDERERS
PURSUIT ORDERED BY REVOLUTIONARY GOVERNMENT.
Mexico City, May 24.

The quick report of the day as received by cable and telegraph from correspondents at home and abroad, setting out in detail the proceedings and the statements made by those concerned in the matter, together with further particulars of interest to readers throughout the Dominion. The quick report of the day as received by cable and telegraph from correspondents at home and abroad, setting out in detail the proceedings and the statements made by those concerned in the matter, together with further particulars of interest to readers throughout the Dominion.

OLYMPIC GAMES
NEW STADIUM AT ANTWERP OPENED.
Antwerp, May 24.

The quick report of the day as received by cable and telegraph from correspondents at home and abroad, setting out in detail the proceedings and the statements made by those concerned in the matter, together with further particulars of interest to readers throughout the Dominion. The quick report of the day as received by cable and telegraph from correspondents at home and abroad, setting out in detail the proceedings and the statements made by those concerned in the matter, together with further particulars of interest to readers throughout the Dominion.

The quick report of the day as received by cable and telegraph from correspondents at home and abroad, setting out in detail the proceedings and the statements made by those concerned in the matter, together with further particulars of interest to readers throughout the Dominion. The quick report of the day as received by cable and telegraph from correspondents at home and abroad, setting out in detail the proceedings and the statements made by those concerned in the matter, together with further particulars of interest to readers throughout the Dominion. The quick report of the day as received by cable and telegraph from correspondents at home and abroad, setting out in detail the proceedings and the statements made by those concerned in the matter, together with further particulars of interest to readers throughout the Dominion.

SCULLING CHAMPIONSHIP
DATE OF BARRY-FELTON RACE.
Sydney, May 25.

The quick report of the day as received by cable and telegraph from correspondents at home and abroad, setting out in detail the proceedings and the statements made by those concerned in the matter, together with further particulars of interest to readers throughout the Dominion. The quick report of the day as received by cable and telegraph from correspondents at home and abroad, setting out in detail the proceedings and the statements made by those concerned in the matter, together with further particulars of interest to readers throughout the Dominion.

CRICKET
GREAT SCORE BY MIDDLESEX.
London, May 24.

The quick report of the day as received by cable and telegraph from correspondents at home and abroad, setting out in detail the proceedings and the statements made by those concerned in the matter, together with further particulars of interest to readers throughout the Dominion. The quick report of the day as received by cable and telegraph from correspondents at home and abroad, setting out in detail the proceedings and the statements made by those concerned in the matter, together with further particulars of interest to readers throughout the Dominion.

TENNIS
CANADA WITHDRAWS FROM DAVIS CUP CONTEST.

The quick report of the day as received by cable and telegraph from correspondents at home and abroad, setting out in detail the proceedings and the statements made by those concerned in the matter, together with further particulars of interest to readers throughout the Dominion. The quick report of the day as received by cable and telegraph from correspondents at home and abroad, setting out in detail the proceedings and the statements made by those concerned in the matter, together with further particulars of interest to readers throughout the Dominion.

LATE SHIPPING
Newcastle, May 25.

The quick report of the day as received by cable and telegraph from correspondents at home and abroad, setting out in detail the proceedings and the statements made by those concerned in the matter, together with further particulars of interest to readers throughout the Dominion. The quick report of the day as received by cable and telegraph from correspondents at home and abroad, setting out in detail the proceedings and the statements made by those concerned in the matter, together with further particulars of interest to readers throughout the Dominion.

SPA CONFERENCE
MUST STOP INTERNATIONAL DISSOLUTION
OR GERMANY WILL BE WORLD-POISONING CORPSE
By Telegraph—Press Association—Copyright
London, May 24.

The quick report of the day as received by cable and telegraph from correspondents at home and abroad, setting out in detail the proceedings and the statements made by those concerned in the matter, together with further particulars of interest to readers throughout the Dominion. The quick report of the day as received by cable and telegraph from correspondents at home and abroad, setting out in detail the proceedings and the statements made by those concerned in the matter, together with further particulars of interest to readers throughout the Dominion.

The quick report of the day as received by cable and telegraph from correspondents at home and abroad, setting out in detail the proceedings and the statements made by those concerned in the matter, together with further particulars of interest to readers throughout the Dominion. The quick report of the day as received by cable and telegraph from correspondents at home and abroad, setting out in detail the proceedings and the statements made by those concerned in the matter, together with further particulars of interest to readers throughout the Dominion. The quick report of the day as received by cable and telegraph from correspondents at home and abroad, setting out in detail the proceedings and the statements made by those concerned in the matter, together with further particulars of interest to readers throughout the Dominion.

THE TERRITORIALS
TRAINING OF OFFICERS AND N.C.O.'S
WEEK'S COURSE OF INSTRUCTION.

The quick report of the day as received by cable and telegraph from correspondents at home and abroad, setting out in detail the proceedings and the statements made by those concerned in the matter, together with further particulars of interest to readers throughout the Dominion. The quick report of the day as received by cable and telegraph from correspondents at home and abroad, setting out in detail the proceedings and the statements made by those concerned in the matter, together with further particulars of interest to readers throughout the Dominion.

The quick report of the day as received by cable and telegraph from correspondents at home and abroad, setting out in detail the proceedings and the statements made by those concerned in the matter, together with further particulars of interest to readers throughout the Dominion. The quick report of the day as received by cable and telegraph from correspondents at home and abroad, setting out in detail the proceedings and the statements made by those concerned in the matter, together with further particulars of interest to readers throughout the Dominion. The quick report of the day as received by cable and telegraph from correspondents at home and abroad, setting out in detail the proceedings and the statements made by those concerned in the matter, together with further particulars of interest to readers throughout the Dominion.

The quick report of the day as received by cable and telegraph from correspondents at home and abroad, setting out in detail the proceedings and the statements made by those concerned in the matter, together with further particulars of interest to readers throughout the Dominion. The quick report of the day as received by cable and telegraph from correspondents at home and abroad, setting out in detail the proceedings and the statements made by those concerned in the matter, together with further particulars of interest to readers throughout the Dominion. The quick report of the day as received by cable and telegraph from correspondents at home and abroad, setting out in detail the proceedings and the statements made by those concerned in the matter, together with further particulars of interest to readers throughout the Dominion. The quick report of the day as received by cable and telegraph from correspondents at home and abroad, setting out in detail the proceedings and the statements made by those concerned in the matter, together with further particulars of interest to readers throughout the Dominion.

The quick report of the day as received by cable and telegraph from correspondents at home and abroad, setting out in detail the proceedings and the statements made by those concerned in the matter, together with further particulars of interest to readers throughout the Dominion. The quick report of the day as received by cable and telegraph from correspondents at home and abroad, setting out in detail the proceedings and the statements made by those concerned in the matter, together with further particulars of interest to readers throughout the Dominion.

The quick report of the day as received by cable and telegraph from correspondents at home and abroad, setting out in detail the proceedings and the statements made by those concerned in the matter, together with further particulars of interest to readers throughout the Dominion. The quick report of the day as received by cable and telegraph from correspondents at home and abroad, setting out in detail the proceedings and the statements made by those concerned in the matter, together with further particulars of interest to readers throughout the Dominion. The quick report of the day as received by cable and telegraph from correspondents at home and abroad, setting out in detail the proceedings and the statements made by those concerned in the matter, together with further particulars of interest to readers throughout the Dominion.

The quick report of the day as received by cable and telegraph from correspondents at home and abroad, setting out in detail the proceedings and the statements made by those concerned in the matter, together with further particulars of interest to readers throughout the Dominion. The quick report of the day as received by cable and telegraph from correspondents at home and abroad, setting out in detail the proceedings and the statements made by those concerned in the matter, together with further particulars of interest to readers throughout the Dominion. The quick report of the day as received by cable and telegraph from correspondents at home and abroad, setting out in detail the proceedings and the statements made by those concerned in the matter, together with further particulars of interest to readers throughout the Dominion. The quick report of the day as received by cable and telegraph from correspondents at home and abroad, setting out in detail the proceedings and the statements made by those concerned in the matter, together with further particulars of interest to readers throughout the Dominion.

GERMANS IN SAMOA
TO BE REPATRIATED.
Auckland, May 25.

The quick report of the day as received by cable and telegraph from correspondents at home and abroad, setting out in detail the proceedings and the statements made by those concerned in the matter, together with further particulars of interest to readers throughout the Dominion. The quick report of the day as received by cable and telegraph from correspondents at home and abroad, setting out in detail the proceedings and the statements made by those concerned in the matter, together with further particulars of interest to readers throughout the Dominion.

The quick report of the day as received by cable and telegraph from correspondents at home and abroad, setting out in detail the proceedings and the statements made by those concerned in the matter, together with further particulars of interest to readers throughout the Dominion. The quick report of the day as received by cable and telegraph from correspondents at home and abroad, setting out in detail the proceedings and the statements made by those concerned in the matter, together with further particulars of interest to readers throughout the Dominion. The quick report of the day as received by cable and telegraph from correspondents at home and abroad, setting out in detail the proceedings and the statements made by those concerned in the matter, together with further particulars of interest to readers throughout the Dominion.

The quick report of the day as received by cable and telegraph from correspondents at home and abroad, setting out in detail the proceedings and the statements made by those concerned in the matter, together with further particulars of interest to readers throughout the Dominion. The quick report of the day as received by cable and telegraph from correspondents at home and abroad, setting out in detail the proceedings and the statements made by those concerned in the matter, together with further particulars of interest to readers throughout the Dominion. The quick report of the day as received by cable and telegraph from correspondents at home and abroad, setting out in detail the proceedings and the statements made by those concerned in the matter, together with further particulars of interest to readers throughout the Dominion. The quick report of the day as received by cable and telegraph from correspondents at home and abroad, setting out in detail the proceedings and the statements made by those concerned in the matter, together with further particulars of interest to readers throughout the Dominion.

The quick report of the day as received by cable and telegraph from correspondents at home and abroad, setting out in detail the proceedings and the statements made by those concerned in the matter, together with further particulars of interest to readers throughout the Dominion. The quick report of the day as received by cable and telegraph from correspondents at home and abroad, setting out in detail the proceedings and the statements made by those concerned in the matter, together with further particulars of interest to readers throughout the Dominion.

The quick report of the day as received by cable and telegraph from correspondents at home and abroad, setting out in detail the proceedings and the statements made by those concerned in the matter, together with further particulars of interest to readers throughout the Dominion. The quick report of the day as received by cable and telegraph from correspondents at home and abroad, setting out in detail the proceedings and the statements made by those concerned in the matter, together with further particulars of interest to readers throughout the Dominion. The quick report of the day as received by cable and telegraph from correspondents at home and abroad, setting out in detail the proceedings and the statements made by those concerned in the matter, together with further particulars of interest to readers throughout the Dominion.

MIRAMAR AFFAIRS

The quick report of the day as received by cable and telegraph from correspondents at home and abroad, setting out in detail the proceedings and the statements made by those concerned in the matter, together with further particulars of interest to readers throughout the Dominion. The quick report of the day as received by cable and telegraph from correspondents at home and abroad, setting out in detail the proceedings and the statements made by those concerned in the matter, together with further particulars of interest to readers throughout the Dominion.

The quick report of the day as received by cable and telegraph from correspondents at home and abroad, setting out in detail the proceedings and the statements made by those concerned in the matter, together with further particulars of interest to readers throughout the Dominion. The quick report of the day as received by cable and telegraph from correspondents at home and abroad, setting out in detail the proceedings and the statements made by those concerned in the matter, together with further particulars of interest to readers throughout the Dominion. The quick report of the day as received by cable and telegraph from correspondents at home and abroad, setting out in detail the proceedings and the statements made by those concerned in the matter, together with further particulars of interest to readers throughout the Dominion.

The quick report of the day as received by cable and telegraph from correspondents at home and abroad, setting out in detail the proceedings and the statements made by those concerned in the matter, together with further particulars of interest to readers throughout the Dominion. The quick report of the day as received by cable and telegraph from correspondents at home and abroad, setting out in detail the proceedings and the statements made by those concerned in the matter, together with further particulars of interest to readers throughout the Dominion. The quick report of the day as received by cable and telegraph from correspondents at home and abroad, setting out in detail the proceedings and the statements made by those concerned in the matter, together with further particulars of interest to readers throughout the Dominion. The quick report of the day as received by cable and telegraph from correspondents at home and abroad, setting out in detail the proceedings and the statements made by those concerned in the matter, together with further particulars of interest to readers throughout the Dominion.

The quick report of the day as received by cable and telegraph from correspondents at home and abroad, setting out in detail the proceedings and the statements made by those concerned in the matter, together with further particulars of interest to readers throughout the Dominion. The quick report of the day as received by cable and telegraph from correspondents at home and abroad, setting out in detail the proceedings and the statements made by those concerned in the matter, together with further particulars of interest to readers throughout the Dominion.

The quick report of the day as received by cable and telegraph from correspondents at home and abroad, setting out in detail the proceedings and the statements made by those concerned in the matter, together with further particulars of interest to readers throughout the Dominion. The quick report of the day as received by cable and telegraph from correspondents at home and abroad, setting out in detail the proceedings and the statements made by those concerned in the matter, together with further particulars of interest to readers throughout the Dominion. The quick report of the day as received by cable and telegraph from correspondents at home and abroad, setting out in detail the proceedings and the statements made by those concerned in the matter, together with further particulars of interest to readers throughout the Dominion.

The quick report of the day as received by cable and telegraph from correspondents at home and abroad, setting out in detail the proceedings and the statements made by those concerned in the matter, together with further particulars of interest to readers throughout the Dominion. The quick report of the day as received by cable and telegraph from correspondents at home and abroad, setting out in detail the proceedings and the statements made by those concerned in the matter, together with further particulars of interest to readers throughout the Dominion. The quick report of the day as received by cable and telegraph from correspondents at home and abroad, setting out in detail the proceedings and the statements made by those concerned in the matter, together with further particulars of interest to readers throughout the Dominion. The quick report of the day as received by cable and telegraph from correspondents at home and abroad, setting out in detail the proceedings and the statements made by those concerned in the matter, together with further particulars of interest to readers throughout the Dominion.

ARMENIAN MANDATE
PRESIDENT WILSON ASKS FOR POWER TO ACCEPT IT
CONGRESS NOT EXPECTED TO GRANT AUTHORITY
By Telegraph—Press Association—Copyright
Washington, May 25.

The quick report of the day as received by cable and telegraph from correspondents at home and abroad, setting out in detail the proceedings and the statements made by those concerned in the matter, together with further particulars of interest to readers throughout the Dominion. The quick report of the day as received by cable and telegraph from correspondents at home and abroad, setting out in detail the proceedings and the statements made by those concerned in the matter, together with further particulars of interest to readers throughout the Dominion.

The quick report of the day as received by cable and telegraph from correspondents at home and abroad, setting out in detail the proceedings and the statements made by those concerned in the matter, together with further particulars of interest to readers throughout the Dominion. The quick report of the day as received by cable and telegraph from correspondents at home and abroad, setting out in detail the proceedings and the statements made by those concerned in the matter, together with further particulars of interest to readers throughout the Dominion. The quick report of the day as received by cable and telegraph from correspondents at home and abroad, setting out in detail the proceedings and the statements made by those concerned in the matter, together with further particulars of interest to readers throughout the Dominion.

THE ELECTRIC AGE
WAR-TIME DEVELOPMENT
ORGANISATION OF GREAT BRITAIN'S POWER

The quick report of the day as received by cable and telegraph from correspondents at home and abroad, setting out in detail the proceedings and the statements made by those concerned in the matter, together with further particulars of interest to readers throughout the Dominion. The quick report of the day as received by cable and telegraph from correspondents at home and abroad, setting out in detail the proceedings and the statements made by those concerned in the matter, together with further particulars of interest to readers throughout the Dominion.

The quick report of the day as received by cable and telegraph from correspondents at home and abroad, setting out in detail the proceedings and the statements made by those concerned in the matter, together with further particulars of interest to readers throughout the Dominion. The quick report of the day as received by cable and telegraph from correspondents at home and abroad, setting out in detail the proceedings and the statements made by those concerned in the matter, together with further particulars of interest to readers throughout the Dominion. The quick report of the day as received by cable and telegraph from correspondents at home and abroad, setting out in detail the proceedings and the statements made by those concerned in the matter, together with further particulars of interest to readers throughout the Dominion.

The quick report of the day as received by cable and telegraph from correspondents at home and abroad, setting out in detail the proceedings and the statements made by those concerned in the matter, together with further particulars of interest to readers throughout the Dominion. The quick report of the day as received by cable and telegraph from correspondents at home and abroad, setting out in detail the proceedings and the statements made by those concerned in the matter, together with further particulars of interest to readers throughout the Dominion. The quick report of the day as received by cable and telegraph from correspondents at home and abroad, setting out in detail the proceedings and the statements made by those concerned in the matter, together with further particulars of interest to readers throughout the Dominion. The quick report of the day as received by cable and telegraph from correspondents at home and abroad, setting out in detail the proceedings and the statements made by those concerned in the matter, together with further particulars of interest to readers throughout the Dominion.

The quick report of the day as received by cable and telegraph from correspondents at home and abroad, setting out in detail the proceedings and the statements made by those concerned in the matter, together with further particulars of interest to readers throughout the Dominion. The quick report of the day as received by cable and telegraph from correspondents at home and abroad, setting out in detail the proceedings and the statements made by those concerned in the matter, together with further particulars of interest to readers throughout the Dominion.

The quick report of the day as received by cable and telegraph from correspondents at home and abroad, setting out in detail the proceedings and the statements made by those concerned in the matter, together with further particulars of interest to readers throughout the Dominion. The quick report of the day as received by cable and telegraph from correspondents at home and abroad, setting out in detail the proceedings and the statements made by those concerned in the matter, together with further particulars of interest to readers throughout the Dominion. The quick report of the day as received by cable and telegraph from correspondents at home and abroad, setting out in detail the proceedings and the statements made by those concerned in the matter, together with further particulars of interest to readers throughout the Dominion.

The quick report of the day as received by cable and telegraph from correspondents at home and abroad, setting out in detail the proceedings and the statements made by those concerned in the matter, together with further particulars of interest to readers throughout the Dominion. The quick report of the day as received by cable and telegraph from correspondents at home and abroad, setting out in detail the proceedings and the statements made by those concerned in the matter, together with further particulars of interest to readers throughout the Dominion. The quick report of the day as received by cable and telegraph from correspondents at home and abroad, setting out in detail the proceedings and the statements made by those concerned in the matter, together with further particulars of interest to readers throughout the Dominion. The quick report of the day as received by cable and telegraph from correspondents at home and abroad, setting out in detail the proceedings and the statements made by those concerned in the matter, together with further particulars of interest to readers throughout the Dominion.

The quick report of the day as received by cable and telegraph from correspondents at home and abroad, setting out in detail the proceedings and the statements made by those concerned in the matter, together with further particulars of interest to readers throughout the Dominion. The quick report of the day as received by cable and telegraph from correspondents at home and abroad, setting out in detail the proceedings and the statements made by those concerned in the matter, together with further particulars of interest to readers throughout the Dominion.

The quick report of the day as received by cable and telegraph from correspondents at home and abroad, setting out in detail the proceedings and the statements made by those concerned in the matter, together with further particulars of interest to readers throughout the Dominion. The quick report of the day as received by cable and telegraph from correspondents at home and abroad, setting out in detail the proceedings and the statements made by those concerned in the matter, together with further particulars of interest to readers throughout the Dominion. The quick report of the day as received by cable and telegraph from correspondents at home and abroad, setting out in detail the proceedings and the statements made by those concerned in the matter, together with further particulars of interest to readers throughout the Dominion.

HOUSES AT KAIWARRA
CITY COUNCIL AND RAILWAY DEPARTMENT.

The quick report of the day as received by cable and telegraph from correspondents at home and abroad, setting out in detail the proceedings and the statements made by those concerned in the matter, together with further particulars of interest to readers throughout the Dominion. The quick report of the day as received by cable and telegraph from correspondents at home and abroad, setting out in detail the proceedings and the statements made by those concerned in the matter, together with further particulars of interest to readers throughout the Dominion.

The quick report of the day as received by cable and telegraph from correspondents at home and abroad, setting out in detail the proceedings and the statements made by those concerned in the matter, together with further particulars of interest to readers throughout the Dominion. The quick report of the day as received by cable and telegraph from correspondents at home and abroad, setting out in detail the proceedings and the statements made by those concerned in the matter, together with further particulars of interest to readers throughout the Dominion. The quick report of the day as received by cable and telegraph from correspondents at home and abroad, setting out in detail the proceedings and the statements made by those concerned in the matter, together with further particulars of interest to readers throughout the Dominion.

The quick report of the day as received by cable and telegraph from correspondents at home and abroad, setting out in detail the proceedings and the statements made by those concerned in the matter, together with further particulars of interest to readers throughout the Dominion. The quick report of the day as received by cable and telegraph from correspondents at home and abroad, setting out in detail the proceedings and the statements made by those concerned in the matter, together with further particulars of interest to readers throughout the Dominion. The quick report of the day as received by cable and telegraph from correspondents at home and abroad, setting out in detail the proceedings and the statements made by those concerned in the matter, together with further particulars of interest to readers throughout the Dominion. The quick report of the day as received by cable and telegraph from correspondents at home and abroad, setting out in detail the proceedings and the statements made by those concerned in the matter, together with further particulars of interest to readers throughout the Dominion.

The quick report of the day as received by cable and telegraph from correspondents at home and abroad, setting out in detail the proceedings and the statements made by those concerned in the matter, together with further particulars of interest to readers throughout the Dominion. The quick report of the day as received by cable and telegraph from correspondents at home and abroad, setting out in detail the proceedings and the statements made by those concerned in the matter, together with further particulars of interest to readers throughout the Dominion.

The quick report of the day as received by cable and telegraph from correspondents at home and abroad, setting out in detail the proceedings and the statements made by those concerned in the matter, together with further particulars of interest to readers throughout the Dominion. The quick report of the day as received by cable and telegraph from correspondents at home and abroad, setting out in detail the proceedings and the statements made by those concerned in the matter, together with further particulars of interest to readers throughout the Dominion. The quick report of the day as received by cable and telegraph from correspondents at home and abroad, setting out in detail the proceedings and the statements made by those concerned in the matter, together with further particulars of interest to readers throughout the Dominion.

HOME COOKERY IMPROVED.

The quick report of the day as received by cable and telegraph from correspondents at home and abroad, setting out in detail the proceedings and the statements made by those concerned in the matter, together with further particulars of interest to readers throughout the Dominion. The quick report of the day as received by cable and telegraph from correspondents at home and abroad, setting out in detail the proceedings and the statements made by those concerned in the matter, together with further particulars of interest to readers throughout the Dominion.

The quick report of the day as received by cable and telegraph from correspondents at home and abroad, setting out in detail the proceedings and the statements made by those concerned in the matter, together with further particulars of interest to readers throughout the Dominion. The quick report of the day as received by cable and telegraph from correspondents at home and abroad, setting out in detail the proceedings and the statements made by those concerned in the matter, together with further particulars of interest to readers throughout the Dominion. The quick report of the day as received by cable and telegraph from correspondents at home and abroad, setting out in detail the proceedings and the statements made by those concerned in the matter, together with further particulars of interest to readers throughout the Dominion.

GENERAL CABLES
By Telegraph—Press Association—Copyright

The quick report of the day as received by cable and telegraph from correspondents at home and abroad, setting out in detail the proceedings and the statements made by those concerned in the matter, together with further particulars of interest to readers throughout the Dominion. The quick report of the day as received by cable and telegraph from correspondents at home and abroad, setting out in detail the proceedings and the statements made by those concerned in the matter, together with further particulars of interest to readers throughout the Dominion.

The quick report of the day as received by cable and telegraph from correspondents at home and abroad, setting out in detail the proceedings and the statements made by those concerned in the matter, together with further particulars of interest to readers throughout the Dominion. The quick report of the day as received by cable and telegraph from correspondents at home and abroad, setting out in detail the proceedings and the statements made by those concerned in the matter, together with further particulars of interest to readers throughout the Dominion. The quick report of the day as received by cable and telegraph from correspondents at home and abroad, setting out in detail the proceedings and the statements made by those concerned in the matter, together with further particulars of interest to readers throughout the Dominion.

The quick report of the day as received by cable and telegraph from correspondents at home and abroad, setting out in detail the proceedings and the statements made by those concerned in the matter, together with further particulars of interest to readers throughout the Dominion. The quick report of the day as received by cable and telegraph from correspondents at home and abroad, setting out in detail the proceedings and the statements made by those concerned in the matter, together with further particulars of interest to readers throughout the Dominion. The quick report of the day as received by cable and telegraph from correspondents at home and abroad, setting out in detail the proceedings and the statements made by those concerned in the matter, together with further particulars of interest to readers throughout the Dominion. The quick report of the day as received by cable and telegraph from correspondents at home and abroad, setting out in detail the proceedings and the statements made by those concerned in the matter, together with further particulars of interest to readers throughout the Dominion.

The quick report of the day as received by cable and telegraph from correspondents at home and abroad, setting out in detail the proceedings and the statements made by those concerned in the matter, together with further particulars of interest to readers throughout the Dominion. The quick report of the day as received by cable and telegraph from correspondents at home and abroad, setting out in detail the proceedings and the statements made by those concerned in the matter, together with further particulars of interest to readers throughout the Dominion.

The quick report of the day as received by cable and telegraph from correspondents at home and abroad, setting out in detail the proceedings and the statements made by those concerned in the matter, together with further particulars of interest to readers throughout the Dominion. The quick report of the day as received by cable and telegraph from correspondents at home and abroad, setting out in detail the proceedings and the statements made by those concerned in the matter, together with further particulars of interest to readers throughout the Dominion. The quick report of the day as received by cable and telegraph from correspondents at home and abroad, setting out in detail the proceedings and the statements made by those concerned in the matter, together with further particulars of interest to readers throughout the Dominion.

The quick report of the day as received by cable and telegraph from correspondents at home and abroad, setting out in detail the proceedings and the statements made by those concerned in the matter, together with further particulars of interest to readers throughout the Dominion. The quick report of the day as received by cable and telegraph from correspondents at home and abroad, setting out in detail the proceedings and the statements made by those concerned in the matter, together with further particulars of interest to readers throughout the Dominion. The quick report of the day as received by cable and telegraph from correspondents at home and abroad, setting out in detail the proceedings and the statements made by those concerned in the matter, together with further particulars of interest to readers throughout the Dominion. The quick report of the day as received by cable and telegraph from correspondents at home and abroad, setting out in detail the proceedings and the statements made by those concerned in the matter, together with further particulars of interest to readers throughout the Dominion.

The quick report of the day as received by cable and telegraph from correspondents at home and abroad, setting out in detail the proceedings and the statements made by those concerned in the matter, together with further particulars of interest to readers throughout the Dominion. The quick report of the day as received by cable and telegraph from correspondents at home and abroad, setting out in detail the proceedings and the statements made by those concerned in the matter, together with further particulars of interest to readers throughout the Dominion.

The quick report of the day as received by cable and telegraph from correspondents at home and abroad, setting out in detail the proceedings and the statements made by those concerned in the matter, together with further particulars of interest to readers throughout the Dominion. The quick report of the day as received by cable and telegraph from correspondents at home and abroad, setting out in detail the proceedings and the statements made by those concerned in the matter, together with further particulars of interest to readers throughout the Dominion. The quick report of the day as received by cable and telegraph from correspondents at home and abroad, setting out in detail the proceedings and the statements made by those concerned in the matter, together with further particulars of interest to readers throughout the Dominion.

The quick report of the day as received by cable and telegraph from correspondents at home and abroad, setting out in detail the proceedings and the statements made by those concerned in the matter, together with further particulars of interest to readers throughout the Dominion. The quick report of the day as received by cable and telegraph from correspondents at home and abroad, setting out in detail the proceedings and the statements made by those concerned in the matter, together with further particulars of interest to readers throughout the Dominion. The quick report of the day as received by cable and telegraph from correspondents at home and abroad, setting out in detail the proceedings and the statements made by those concerned in the matter, together with further particulars of interest to readers throughout the Dominion. The quick report of the day as received by cable and telegraph from correspondents at home and abroad, setting out in detail the proceedings and the statements made by those concerned in the matter, together with further particulars of interest to readers throughout the Dominion.

The quick report of the day as received by cable and telegraph from correspondents at home and abroad, setting out in detail the proceedings and the statements made by those concerned in the matter, together with further particulars of interest to readers throughout the Dominion. The quick report of the day as received by cable and telegraph from correspondents at home and abroad, setting out in detail the proceedings and the statements made by those concerned in the matter, together with further particulars of interest to readers throughout the Dominion.

RETURNED SOLDIERS
REMITS FOR THE CONFERENCE.
Auckland, May 25.

The quick report of the day as received by cable and telegraph from correspondents at home and abroad, setting out in detail the proceedings and the statements made by those concerned in the matter, together with further particulars of interest to readers throughout the Dominion. The quick report of the day as received by cable and telegraph from correspondents at home and abroad, setting out in detail the proceedings and the statements made by those concerned in the matter, together with further particulars of interest to readers throughout the Dominion.

The quick report of the day as received by cable and telegraph from correspondents at home and abroad, setting out in detail the proceedings and the statements made by those concerned in the matter, together with further particulars of interest to readers throughout the Dominion. The quick report of the day as received by cable and telegraph from correspondents at home and abroad, setting out in detail the proceedings and the statements made by those concerned in the matter, together with further particulars of interest to readers throughout the Dominion. The quick report of the day as received by cable and telegraph from correspondents at home and abroad, setting out in detail the proceedings and the statements made by those concerned in the matter, together with further particulars of interest to readers throughout the Dominion.

ASSESSING COMPENSATION
LAD'S LOSS OF AN EYE.
Dunedin, May 25.

The quick report of the day as received by cable and telegraph from correspondents at home and abroad, setting out in detail the proceedings and the statements made by those concerned in the matter, together with further particulars of interest to readers throughout the Dominion. The quick report of the day as received by cable and telegraph from correspondents at home and abroad, setting out in detail the proceedings and the statements made by those concerned in the matter, together with further particulars of interest to readers throughout the Dominion.

The quick report of the day as received by cable and telegraph from correspondents at home and abroad, setting out in detail the proceedings and the statements made by those concerned in the matter, together with further particulars of interest to readers throughout the Dominion. The quick report of the day as received by cable and telegraph from correspondents at home and abroad, setting out in detail the proceedings and the statements made by those concerned in the matter, together with further particulars of interest to readers throughout the Dominion. The quick report of the day as received by cable and telegraph from correspondents at home and abroad, setting out in detail the proceedings and the statements made by those concerned in the matter, together with further particulars of interest to readers throughout the Dominion.

The quick report of the day as received by cable and telegraph from correspondents at home and abroad, setting out in detail the proceedings and the statements made by those concerned in the matter, together with further particulars of interest to readers throughout the Dominion. The quick report of the day as received by cable and telegraph from correspondents at home and abroad, setting out in detail the proceedings and the statements made by those concerned in the matter, together with further particulars of interest to readers throughout the Dominion. The quick report of the day as received by cable and telegraph from correspondents at home and abroad, setting out in detail the proceedings and the statements made by those concerned in the matter, together with further particulars of interest to readers throughout the Dominion. The quick report of the day as received by cable and telegraph from correspondents at home and abroad, setting out in detail the proceedings and the statements made by those concerned in the matter, together with further particulars of interest to readers throughout the Dominion.

ACCIDENT IN GARAGE
BOY SERIOUSLY INJURED.
Masterton, May 25.

The quick report of the day as received by cable and telegraph from correspondents at home and abroad, setting out in detail the proceedings and the statements made by those concerned in the matter, together with further particulars of interest to readers throughout the Dominion. The quick report of the day as received by cable and telegraph from correspondents at home and abroad, setting out in detail the proceedings and the statements made by those concerned in the matter, together with further particulars of interest to readers throughout the Dominion.

GRANTS TO TERRITORIALS
PROPOSAL FOR ABOLITION.

The quick report of the day as received by cable and telegraph from correspondents at home and abroad, setting out in detail the proceedings and the statements made by those concerned in the matter, together with further particulars of interest to readers throughout the Dominion. The quick report of the day as received by cable and telegraph from correspondents at home and abroad, setting out in detail the proceedings and the statements made by those concerned in the matter, together with further particulars of interest to readers throughout the Dominion.

The quick report of the day as received by cable and telegraph from correspondents at home and abroad, setting out in detail the proceedings and the statements made by those concerned in the matter, together with further particulars of interest to readers throughout the Dominion. The quick report of the day as received by cable and telegraph from correspondents at home and abroad, setting out in detail the proceedings and the statements made by those concerned in the matter, together with further particulars of interest to readers throughout the Dominion. The quick report of the day as received by cable and telegraph from correspondents at home and abroad, setting out in detail the proceedings and the statements made by those concerned in the matter, together with further particulars of interest to readers throughout the Dominion.

The quick report of the day as received by cable and telegraph from correspondents at home and abroad, setting out in detail the proceedings and the statements made by those concerned in the matter, together with further particulars of interest to readers throughout the Dominion. The quick report of the day as received by cable and telegraph from correspondents at home and abroad, setting out in detail the proceedings and the statements made by those concerned in the matter, together with further particulars of interest to readers throughout the Dominion. The quick report of the day as received by cable and telegraph from correspondents at home and abroad, setting out in detail the proceedings and the statements made by those concerned in the matter, together with further particulars of interest to readers throughout the Dominion. The quick report of the day as received by cable and telegraph from correspondents at home and abroad, setting out in detail the proceedings and the statements made by those concerned in the matter, together with further particulars of interest to readers throughout the Dominion.
